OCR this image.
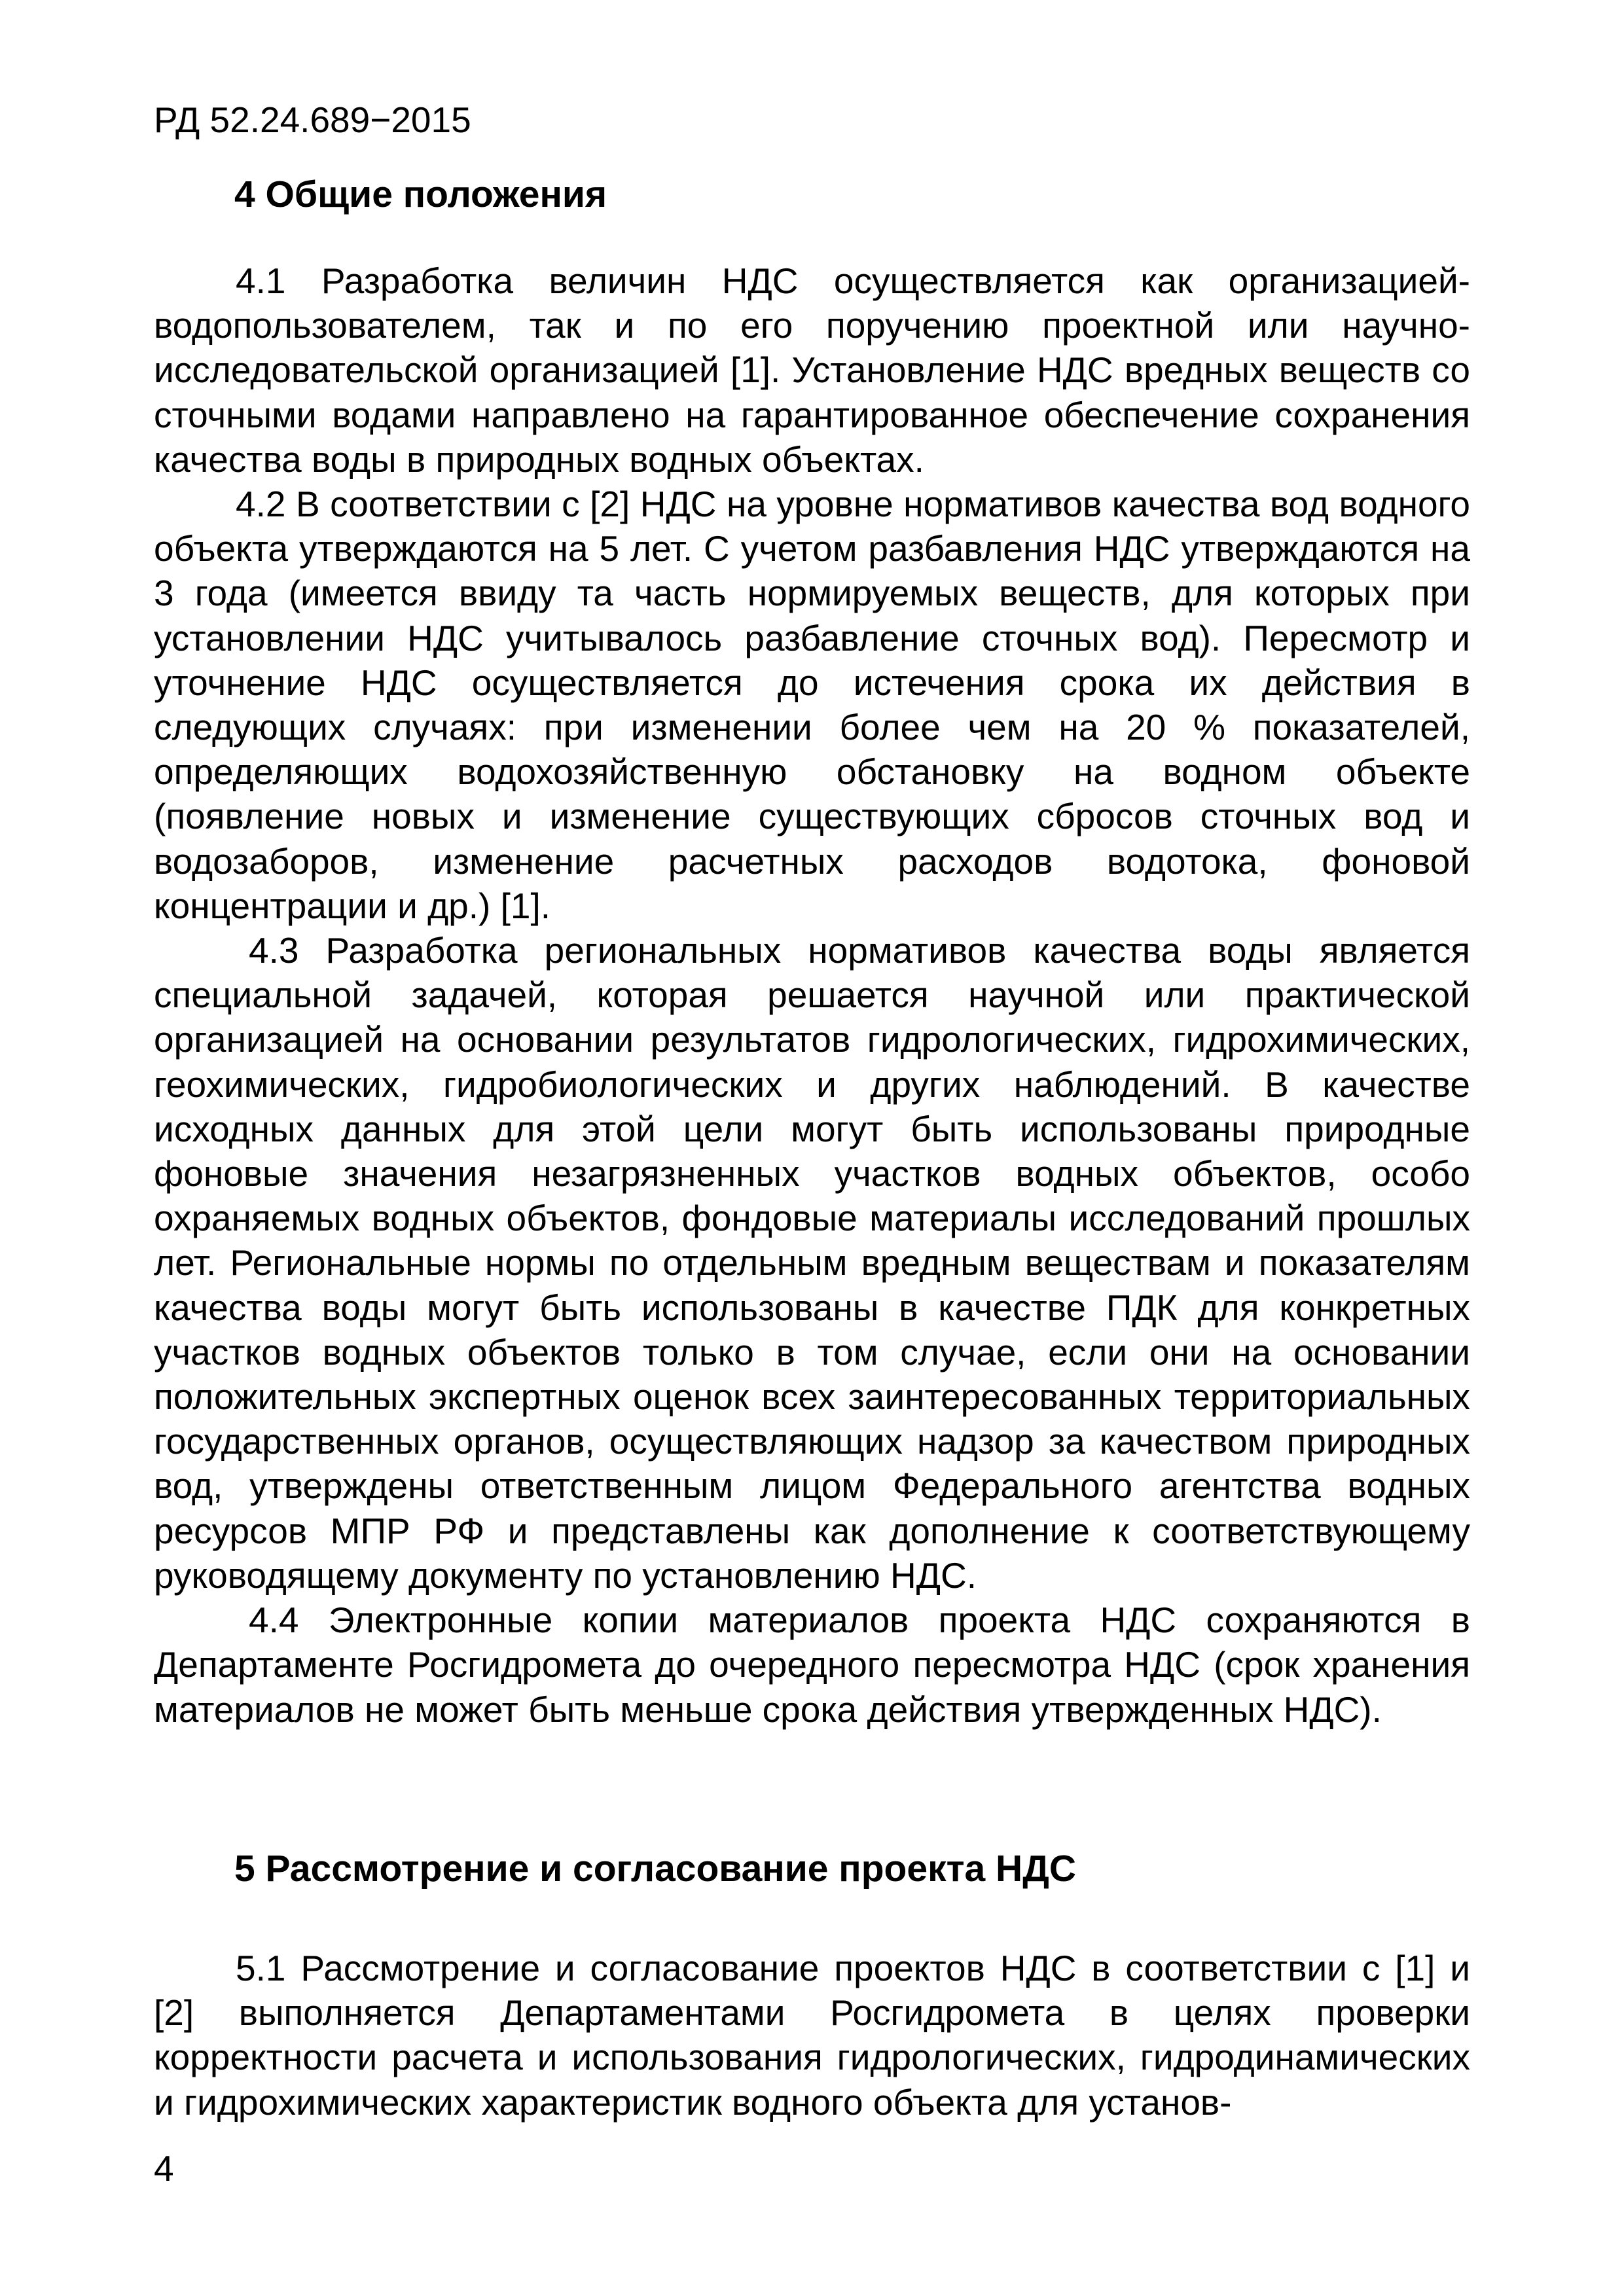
РД 52.24.689−2015
4 Общие положения

4.1 Разработка величин НДС осуществляется как организацией-водопользователем, так и по его поручению проектной или научно-исследовательской организацией [1]. Установление НДС вредных веществ со сточными водами направлено на гарантированное обеспечение сохранения качества воды в природных водных объектах.

4.2 В соответствии с [2] НДС на уровне нормативов качества вод водного объекта утверждаются на 5 лет. С учетом разбавления НДС утверждаются на 3 года (имеется ввиду та часть нормируемых веществ, для которых при установлении НДС учитывалось разбавление сточных вод). Пересмотр и уточнение НДС осуществляется до истечения срока их действия в следующих случаях: при изменении более чем на 20 % показателей, определяющих водохозяйственную обстановку на водном объекте (появление новых и изменение существующих сбросов сточных вод и водозаборов, изменение расчетных расходов водотока, фоновой концентрации и др.) [1].

4.3 Разработка региональных нормативов качества воды является специальной задачей, которая решается научной или практической организацией на основании результатов гидрологических, гидрохимических, геохимических, гидробиологических и других наблюдений. В качестве исходных данных для этой цели могут быть использованы природные фоновые значения незагрязненных участков водных объектов, особо охраняемых водных объектов, фондовые материалы исследований прошлых лет. Региональные нормы по отдельным вредным веществам и показателям качества воды могут быть использованы в качестве ПДК для конкретных участков водных объектов только в том случае, если они на основании положительных экспертных оценок всех заинтересованных территориальных государственных органов, осуществляющих надзор за качеством природных вод, утверждены ответственным лицом Федерального агентства водных ресурсов МПР РФ и представлены как дополнение к соответствующему руководящему документу по установлению НДС.

4.4 Электронные копии материалов проекта НДС сохраняются в Департаменте Росгидромета до очередного пересмотра НДС (срок хранения материалов не может быть меньше срока действия утвержденных НДС).

5 Рассмотрение и согласование проекта НДС

5.1 Рассмотрение и согласование проектов НДС в соответствии с [1] и [2] выполняется Департаментами Росгидромета в целях проверки корректности расчета и использования гидрологических, гидродинамических и гидрохимических характеристик водного объекта для установ-

4
